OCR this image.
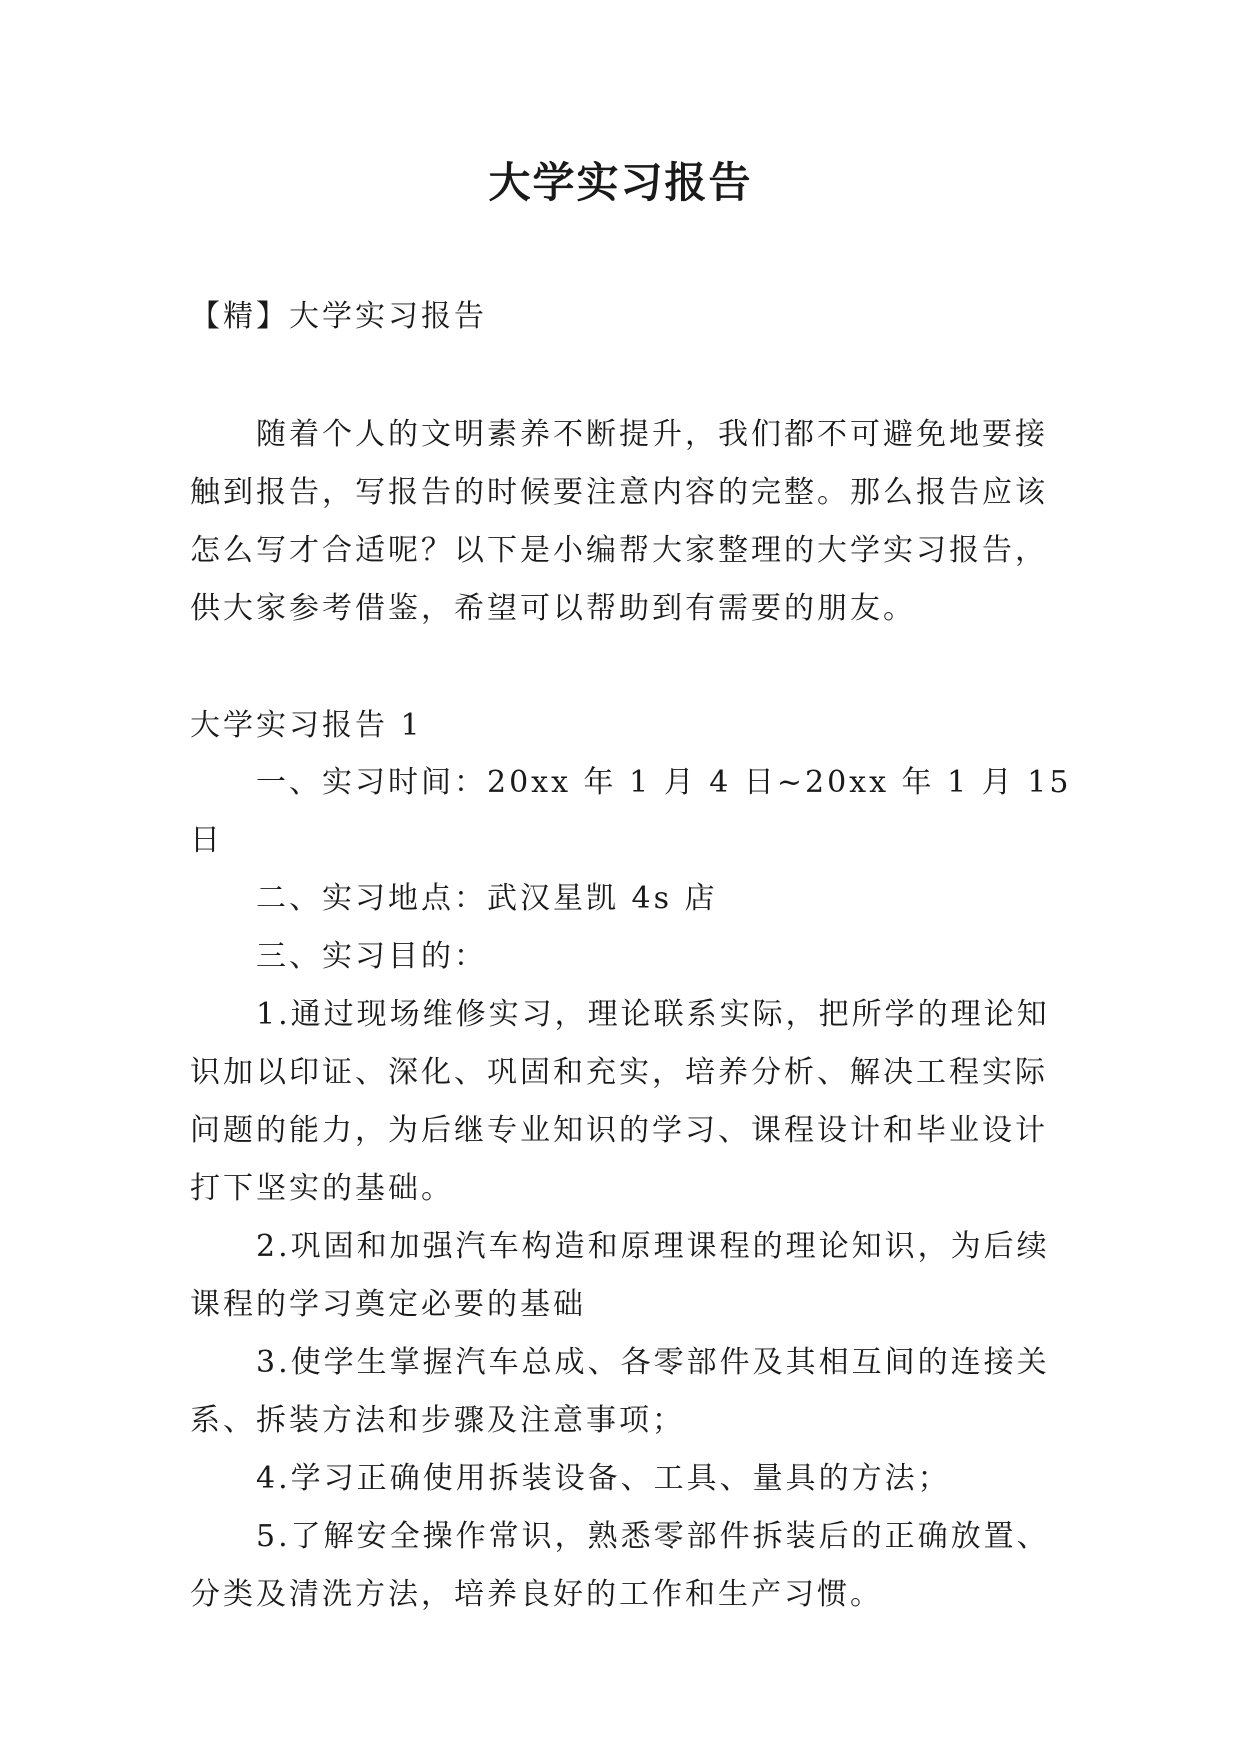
大学实习报告

【精】大学实习报告

随着个人的文明素养不断提升，我们都不可避免地要接触到报告，写报告的时候要注意内容的完整。那么报告应该怎么写才合适呢？以下是小编帮大家整理的大学实习报告，供大家参考借鉴，希望可以帮助到有需要的朋友。

大学实习报告 1

一、实习时间：20xx 年 1 月 4 日~20xx 年 1 月 15 日
二、实习地点：武汉星凯 4s 店
三、实习目的：
1.通过现场维修实习，理论联系实际，把所学的理论知识加以印证、深化、巩固和充实，培养分析、解决工程实际问题的能力，为后继专业知识的学习、课程设计和毕业设计打下坚实的基础。
2.巩固和加强汽车构造和原理课程的理论知识，为后续课程的学习奠定必要的基础
3.使学生掌握汽车总成、各零部件及其相互间的连接关系、拆装方法和步骤及注意事项；
4.学习正确使用拆装设备、工具、量具的方法；
5.了解安全操作常识，熟悉零部件拆装后的正确放置、分类及清洗方法，培养良好的工作和生产习惯。
